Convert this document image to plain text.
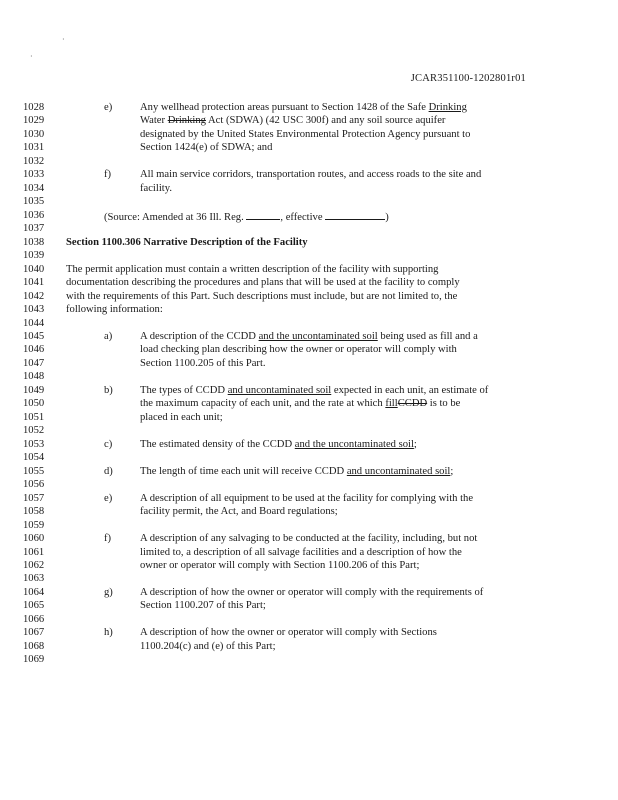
·
·
JCAR351100-1202801r01
1028	e)	Any wellhead protection areas pursuant to Section 1428 of the Safe Drinking
1029	Water Drinking Act (SDWA) (42 USC 300f) and any soil source aquifer
1030	designated by the United States Environmental Protection Agency pursuant to
1031	Section 1424(e) of SDWA; and
1032
1033	f)	All main service corridors, transportation routes, and access roads to the site and
1034	facility.
1035
1036	(Source: Amended at 36 Ill. Reg.	, effective	)
1037
1038	Section 1100.306 Narrative Description of the Facility
1039
1040	The permit application must contain a written description of the facility with supporting
1041	documentation describing the procedures and plans that will be used at the facility to comply
1042	with the requirements of this Part. Such descriptions must include, but are not limited to, the
1043	following information:
1044
1045	a)	A description of the CCDD and the uncontaminated soil being used as fill and a
1046	load checking plan describing how the owner or operator will comply with
1047	Section 1100.205 of this Part.
1048
1049	b)	The types of CCDD and uncontaminated soil expected in each unit, an estimate of
1050	the maximum capacity of each unit, and the rate at which fillCCDD is to be
1051	placed in each unit;
1052
1053	c)	The estimated density of the CCDD and the uncontaminated soil;
1054
1055	d)	The length of time each unit will receive CCDD and uncontaminated soil;
1056
1057	e)	A description of all equipment to be used at the facility for complying with the
1058	facility permit, the Act, and Board regulations;
1059
1060	f)	A description of any salvaging to be conducted at the facility, including, but not
1061	limited to, a description of all salvage facilities and a description of how the
1062	owner or operator will comply with Section 1100.206 of this Part;
1063
1064	g)	A description of how the owner or operator will comply with the requirements of
1065	Section 1100.207 of this Part;
1066
1067	h)	A description of how the owner or operator will comply with Sections
1068	1100.204(c) and (e) of this Part;
1069
